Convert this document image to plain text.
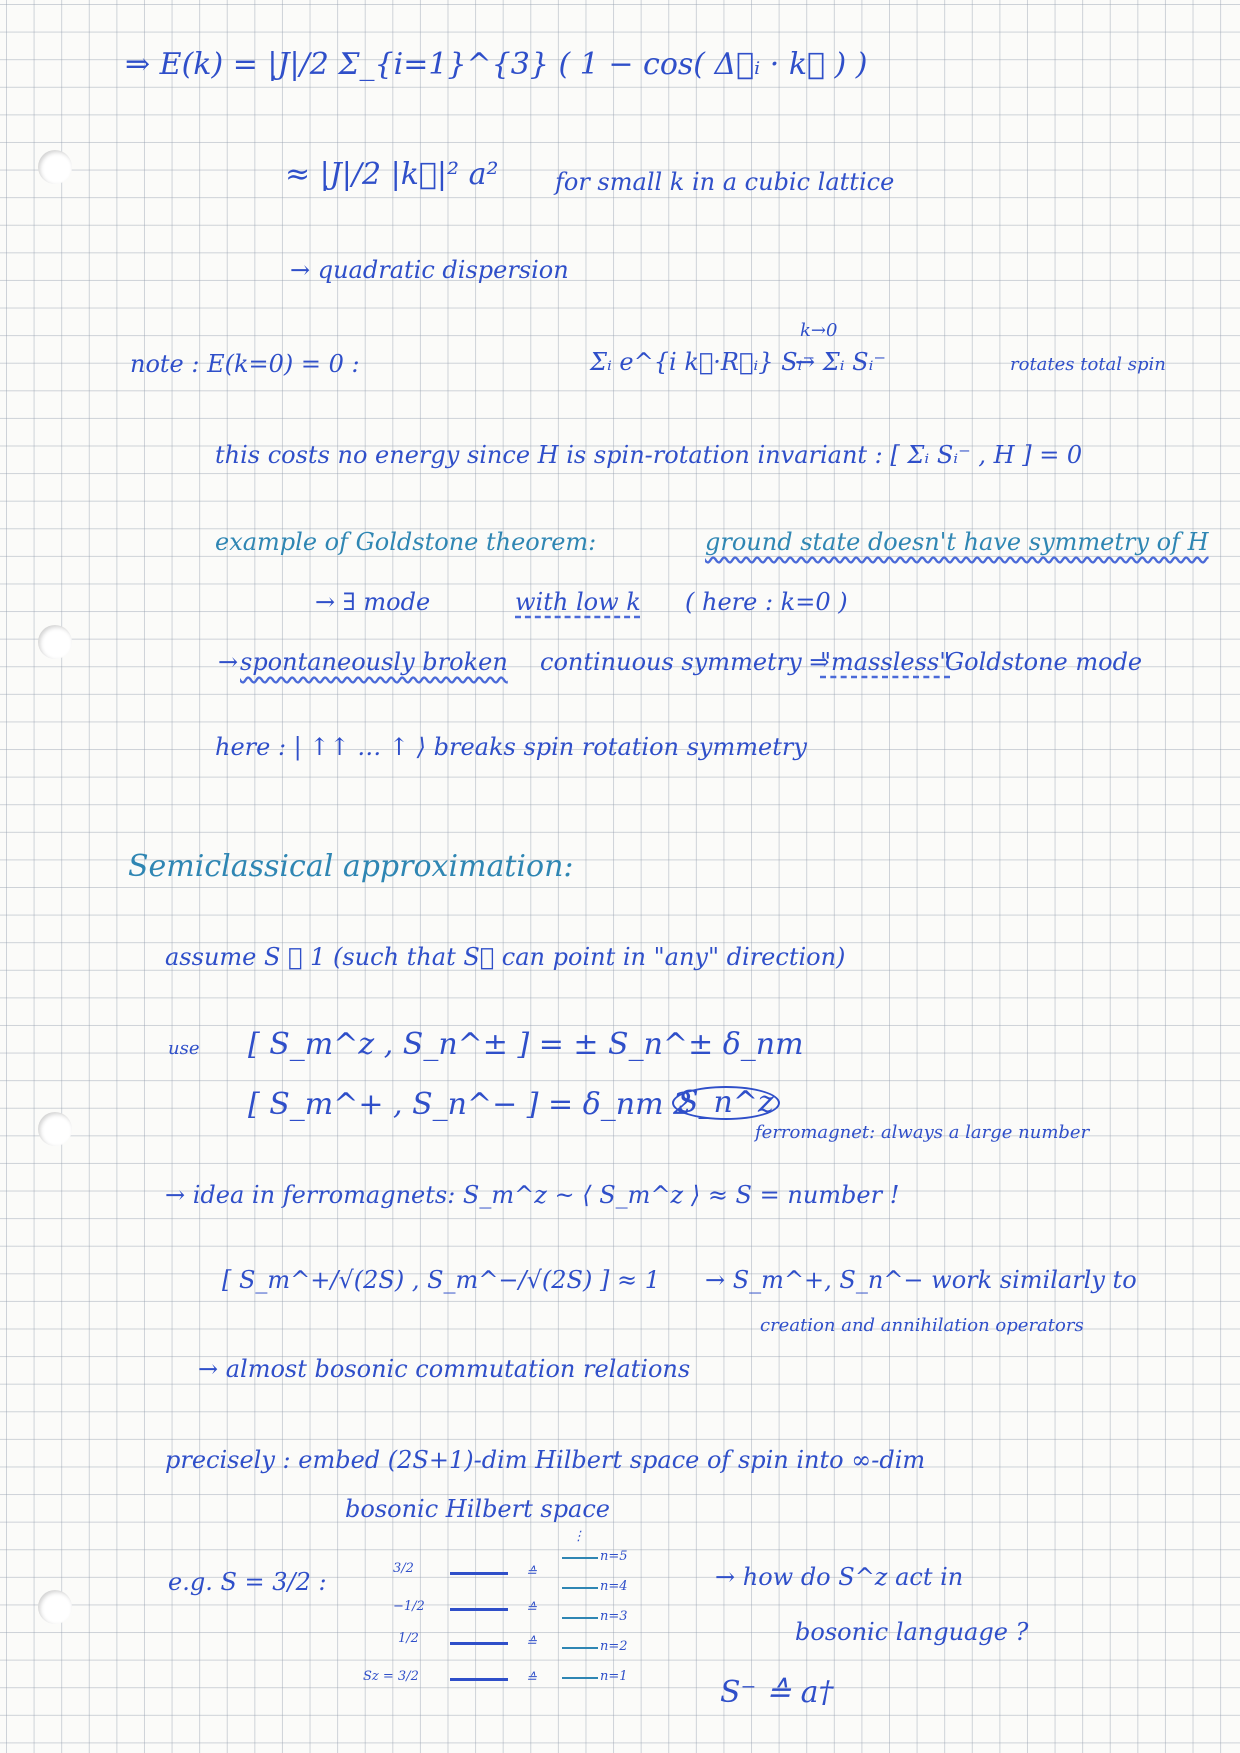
⇒ E(k) = |J|/2 Σ_{i=1}^{3} ( 1 − cos( Δ⃗ᵢ · k⃗ ) )
≈ |J|/2 |k⃗|² a² for small k in a cubic lattice
→ quadratic dispersion
note : E(k=0) = 0 :	Σᵢ e^{i k⃗·R⃗ᵢ} Sᵢ⁻
k→0
→ Σᵢ Sᵢ⁻	rotates total spin
this costs no energy since H is spin-rotation invariant : [ Σᵢ Sᵢ⁻ , H ] = 0
example of Goldstone theorem:	ground state doesn't have symmetry of H
→ ∃ mode	with low k ( here : k=0 )
→ spontaneously broken continuous symmetry ⇒
"massless"
Goldstone mode
here : | ↑↑ … ↑ ⟩ breaks spin rotation symmetry
Semiclassical approximation:
assume S ≫ 1 (such that S⃗ can point in "any" direction)
use [ S_m^z , S_n^± ] = ± S_n^± δ_nm
[ S_m^+ , S_n^− ] = δ_nm 2
S_n^z
ferromagnet: always a large number
→ idea in ferromagnets: S_m^z ~ ⟨ S_m^z ⟩ ≈ S = number !
[ S_m^+/√(2S) , S_m^−/√(2S) ] ≈ 1 → S_m^+, S_n^− work similarly to
creation and annihilation operators
→ almost bosonic commutation relations
precisely : embed (2S+1)-dim Hilbert space of spin into ∞-dim
bosonic Hilbert space
e.g. S = 3/2 :	3/2
−1/2
1/2
Sz = 3/2
≙
≙
≙
≙
⋮
n=5
n=4
n=3
n=2
n=1
→ how do S^z act in
bosonic language ?
S⁻ ≙ a†
